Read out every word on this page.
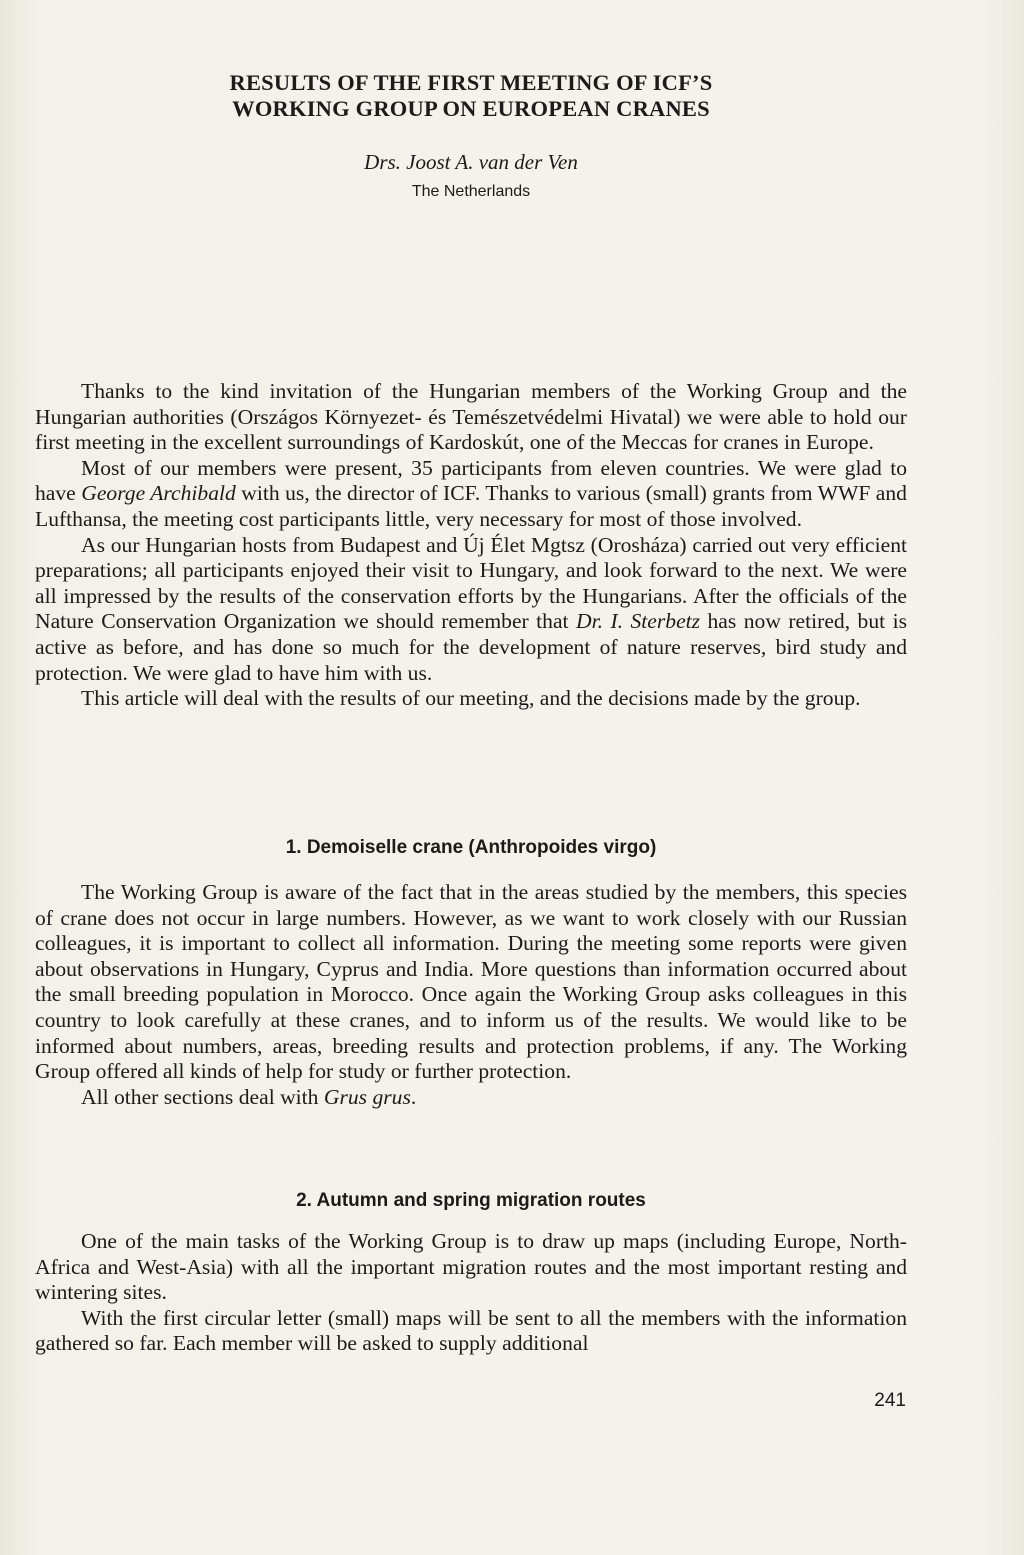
RESULTS OF THE FIRST MEETING OF ICF’S
WORKING GROUP ON EUROPEAN CRANES

Drs. Joost A. van der Ven

The Netherlands

Thanks to the kind invitation of the Hungarian members of the Working Group and the Hungarian authorities (Országos Környezet- és Temészetvédelmi Hivatal) we were able to hold our first meeting in the excellent surroundings of Kardoskút, one of the Meccas for cranes in Europe.

Most of our members were present, 35 participants from eleven countries. We were glad to have George Archibald with us, the director of ICF. Thanks to various (small) grants from WWF and Lufthansa, the meeting cost participants little, very necessary for most of those involved.

As our Hungarian hosts from Budapest and Új Élet Mgtsz (Orosháza) carried out very efficient preparations; all participants enjoyed their visit to Hungary, and look forward to the next. We were all impressed by the results of the conservation efforts by the Hungarians. After the officials of the Nature Conservation Organization we should remember that Dr. I. Sterbetz has now retired, but is active as before, and has done so much for the development of nature reserves, bird study and protection. We were glad to have him with us.

This article will deal with the results of our meeting, and the decisions made by the group.

1. Demoiselle crane (Anthropoides virgo)

The Working Group is aware of the fact that in the areas studied by the members, this species of crane does not occur in large numbers. However, as we want to work closely with our Russian colleagues, it is important to collect all information. During the meeting some reports were given about observations in Hungary, Cyprus and India. More questions than information occurred about the small breeding population in Morocco. Once again the Working Group asks colleagues in this country to look carefully at these cranes, and to inform us of the results. We would like to be informed about numbers, areas, breeding results and protection problems, if any. The Working Group offered all kinds of help for study or further protection.

All other sections deal with Grus grus.

2. Autumn and spring migration routes

One of the main tasks of the Working Group is to draw up maps (including Europe, North-Africa and West-Asia) with all the important migration routes and the most important resting and wintering sites.

With the first circular letter (small) maps will be sent to all the members with the information gathered so far. Each member will be asked to supply additional

241
